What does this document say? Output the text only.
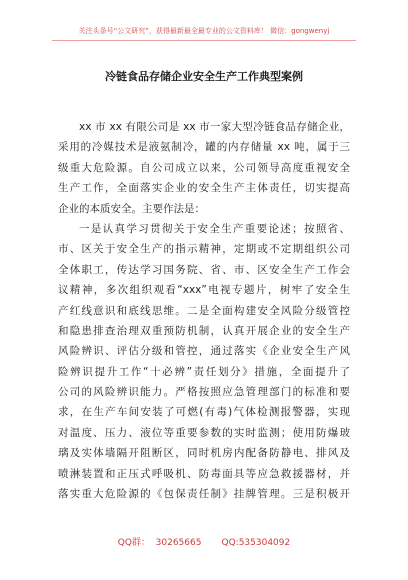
关注头条号“公文研究”，获得最新最全最专业的公文资料库！ 微信：gongwenyj
冷链食品存储企业安全生产工作典型案例
xx 市 xx 有限公司是 xx 市一家大型冷链食品存储企业，
采用的冷媒技术是液氨制冷，罐的内存储量 xx 吨，属于三
级重大危险源。自公司成立以来，公司领导高度重视安全
生产工作，全面落实企业的安全生产主体责任，切实提高
企业的本质安全。主要作法是：
一是认真学习贯彻关于安全生产重要论述；按照省、
市、区关于安全生产的指示精神，定期或不定期组织公司
全体职工，传达学习国务院、省、市、区安全生产工作会
议精神，多次组织观看“xxx”电视专题片，树牢了安全生
产红线意识和底线思维。二是全面构建安全风险分级管控
和隐患排查治理双重预防机制，认真开展企业的安全生产
风险辨识、评估分级和管控，通过落实《企业安全生产风
险辨识提升工作“十必辨”责任划分》措施，全面提升了
公司的风险辨识能力。严格按照应急管理部门的标准和要
求，在生产车间安装了可燃(有毒)气体检测报警器，实现
对温度、压力、液位等重要参数的实时监测；使用防爆玻
璃及实体墙隔开阻断区，同时机房内配备防静电、排风及
喷淋装置和正压式呼吸机、防毒面具等应急救援器材，并
落实重大危险源的《包保责任制》挂牌管理。三是积极开
QQ群：  30265665       QQ:535304092
